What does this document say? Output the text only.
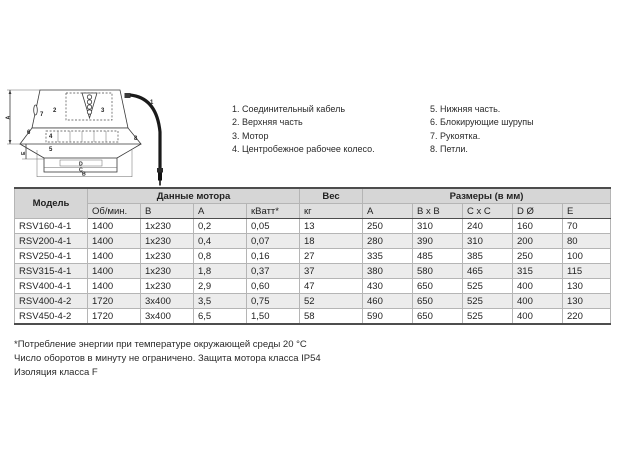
A
D
C
B
E
1
2	3
4
5
6
7
8
1. Соединительный кабель
2. Верхняя часть
3. Мотор
4. Центробежное рабочее колесо.
5. Нижняя часть.
6. Блокирующие шурупы
7. Рукоятка.
8. Петли.
Модель	Данные мотора				Вес	Размеры (в мм)				
	Об/мин.	В	А	кВатт*	кг	A	B x B	C x C	D Ø	E
RSV160-4-1	1400	1x230	0,2	0,05	13	250	310	240	160	70
RSV200-4-1	1400	1x230	0,4	0,07	18	280	390	310	200	80
RSV250-4-1	1400	1x230	0,8	0,16	27	335	485	385	250	100
RSV315-4-1	1400	1x230	1,8	0,37	37	380	580	465	315	115
RSV400-4-1	1400	1x230	2,9	0,60	47	430	650	525	400	130
RSV400-4-2	1720	3x400	3,5	0,75	52	460	650	525	400	130
RSV450-4-2	1720	3x400	6,5	1,50	58	590	650	525	400	220
*Потребление энергии при температуре окружающей среды 20 °C
Число оборотов в минуту не ограничено. Защита мотора класса IP54
Изоляция класса F
